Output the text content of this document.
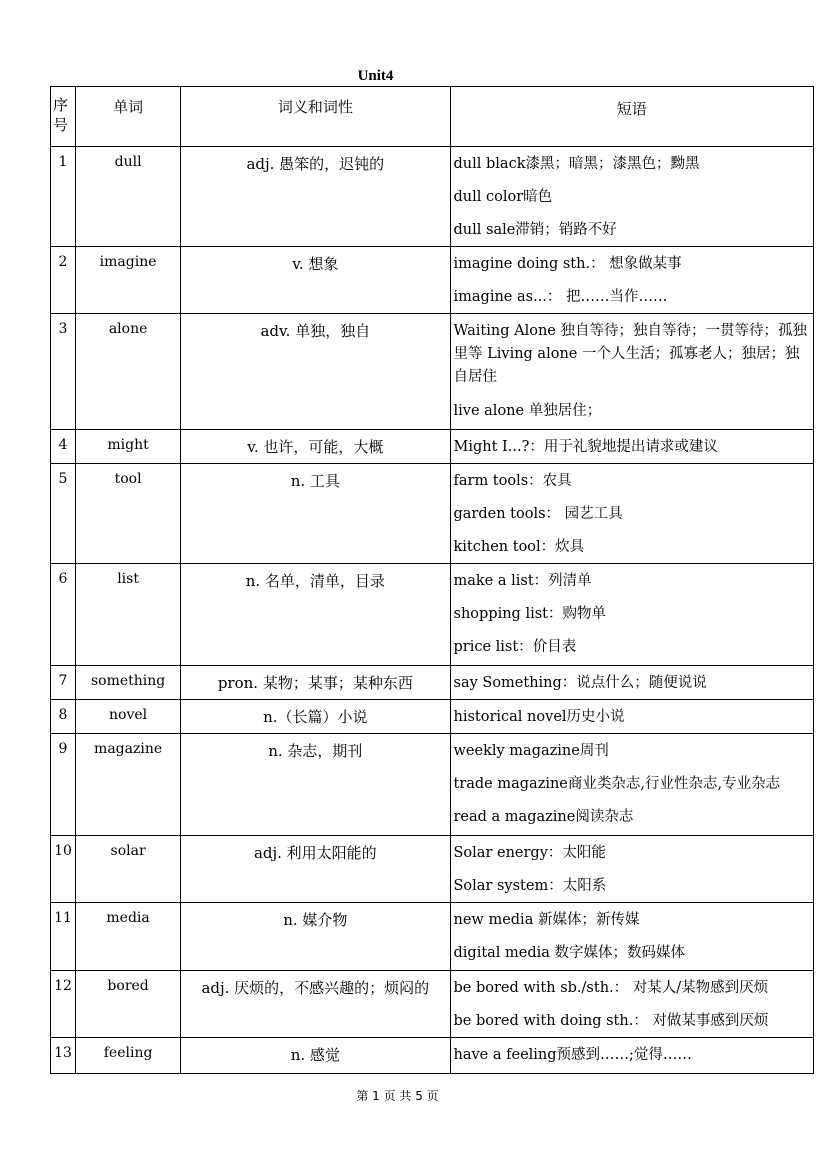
Unit4
序号	单词	词义和词性	短语
1	dull	adj. 愚笨的，迟钝的	dull black漆黑；暗黑；漆黑色；黝黑
dull color暗色
dull sale滞销；销路不好

2	imagine	v. 想象	imagine doing sth.： 想象做某事
imagine as...： 把……当作……

3	alone	adv. 单独，独自	Waiting Alone 独自等待；独自等待；一贯等待；孤独里等 Living alone 一个人生活；孤寡老人；独居；独自居住
live alone 单独居住；

4	might	v. 也许，可能，大概	Might I...?：用于礼貌地提出请求或建议

5	tool	n. 工具	farm tools：农具
garden tools： 园艺工具
kitchen tool：炊具

6	list	n. 名单，清单，目录	make a list：列清单
shopping list：购物单
price list：价目表

7	something	pron. 某物；某事；某种东西	say Something：说点什么；随便说说

8	novel	n.（长篇）小说	historical novel历史小说

9	magazine	n. 杂志，期刊	weekly magazine周刊
trade magazine商业类杂志,行业性杂志,专业杂志
read a magazine阅读杂志

10	solar	adj. 利用太阳能的	Solar energy：太阳能
Solar system：太阳系

11	media	n. 媒介物	new media 新媒体；新传媒
digital media 数字媒体；数码媒体

12	bored	adj. 厌烦的，不感兴趣的；烦闷的	be bored with sb./sth.： 对某人/某物感到厌烦
be bored with doing sth.： 对做某事感到厌烦

13	feeling	n. 感觉	have a feeling预感到……;觉得……
第 1 页 共 5 页
